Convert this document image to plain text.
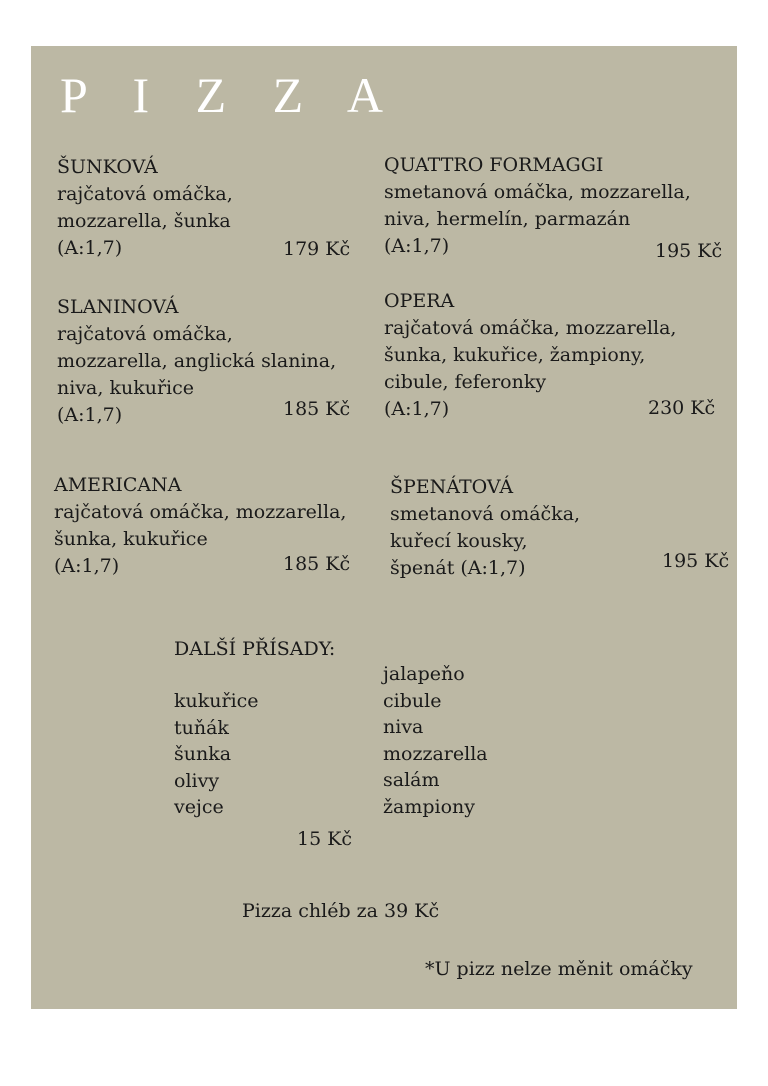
P I Z Z A
ŠUNKOVÁ
rajčatová omáčka,
mozzarella, šunka
(A:1,7)	179 Kč
QUATTRO FORMAGGI
smetanová omáčka, mozzarella,
niva, hermelín, parmazán
(A:1,7)	195 Kč
SLANINOVÁ
rajčatová omáčka,
mozzarella, anglická slanina,
niva, kukuřice
(A:1,7)	185 Kč
OPERA
rajčatová omáčka, mozzarella,
šunka, kukuřice, žampiony,
cibule, feferonky
(A:1,7)	230 Kč
AMERICANA
rajčatová omáčka, mozzarella,
šunka, kukuřice
(A:1,7)	185 Kč
ŠPENÁTOVÁ
smetanová omáčka,
kuřecí kousky,
špenát (A:1,7)	195 Kč
DALŠÍ PŘÍSADY:
kukuřice
tuňák
šunka
olivy
vejce
jalapeňo
cibule
niva
mozzarella
salám
žampiony
15 Kč
Pizza chléb za 39 Kč
*U pizz nelze měnit omáčky
